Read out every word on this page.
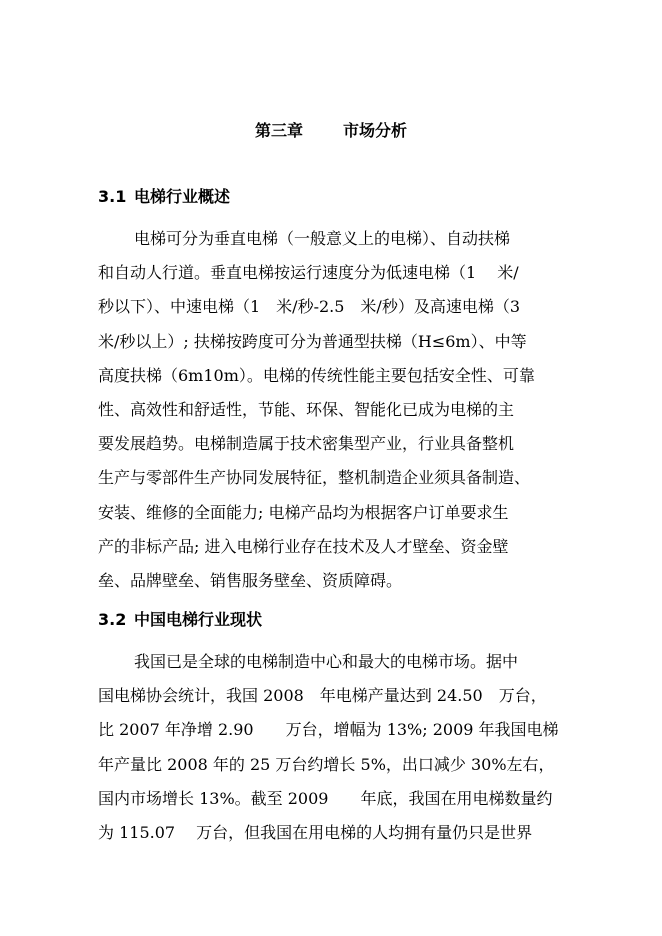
第三章	市场分析
3.1 电梯行业概述
电梯可分为垂直电梯（一般意义上的电梯）、自动扶梯
和自动人行道。垂直电梯按运行速度分为低速电梯（1　 米/
秒以下）、中速电梯（1　米/秒-2.5　米/秒）及高速电梯（3
米/秒以上）; 扶梯按跨度可分为普通型扶梯（H≤6m）、中等
高度扶梯（6m10m）。电梯的传统性能主要包括安全性、可靠
性、高效性和舒适性，节能、环保、智能化已成为电梯的主
要发展趋势。电梯制造属于技术密集型产业，行业具备整机
生产与零部件生产协同发展特征，整机制造企业须具备制造、
安装、维修的全面能力; 电梯产品均为根据客户订单要求生
产的非标产品; 进入电梯行业存在技术及人才壁垒、资金壁
垒、品牌壁垒、销售服务壁垒、资质障碍。
3.2 中国电梯行业现状
我国已是全球的电梯制造中心和最大的电梯市场。据中
国电梯协会统计，我国 2008　年电梯产量达到 24.50　万台，
比 2007 年净增 2.90　　万台，增幅为 13%; 2009 年我国电梯
年产量比 2008 年的 25 万台约增长 5%，出口减少 30%左右，
国内市场增长 13%。截至 2009　　年底，我国在用电梯数量约
为 115.07　 万台，但我国在用电梯的人均拥有量仍只是世界
